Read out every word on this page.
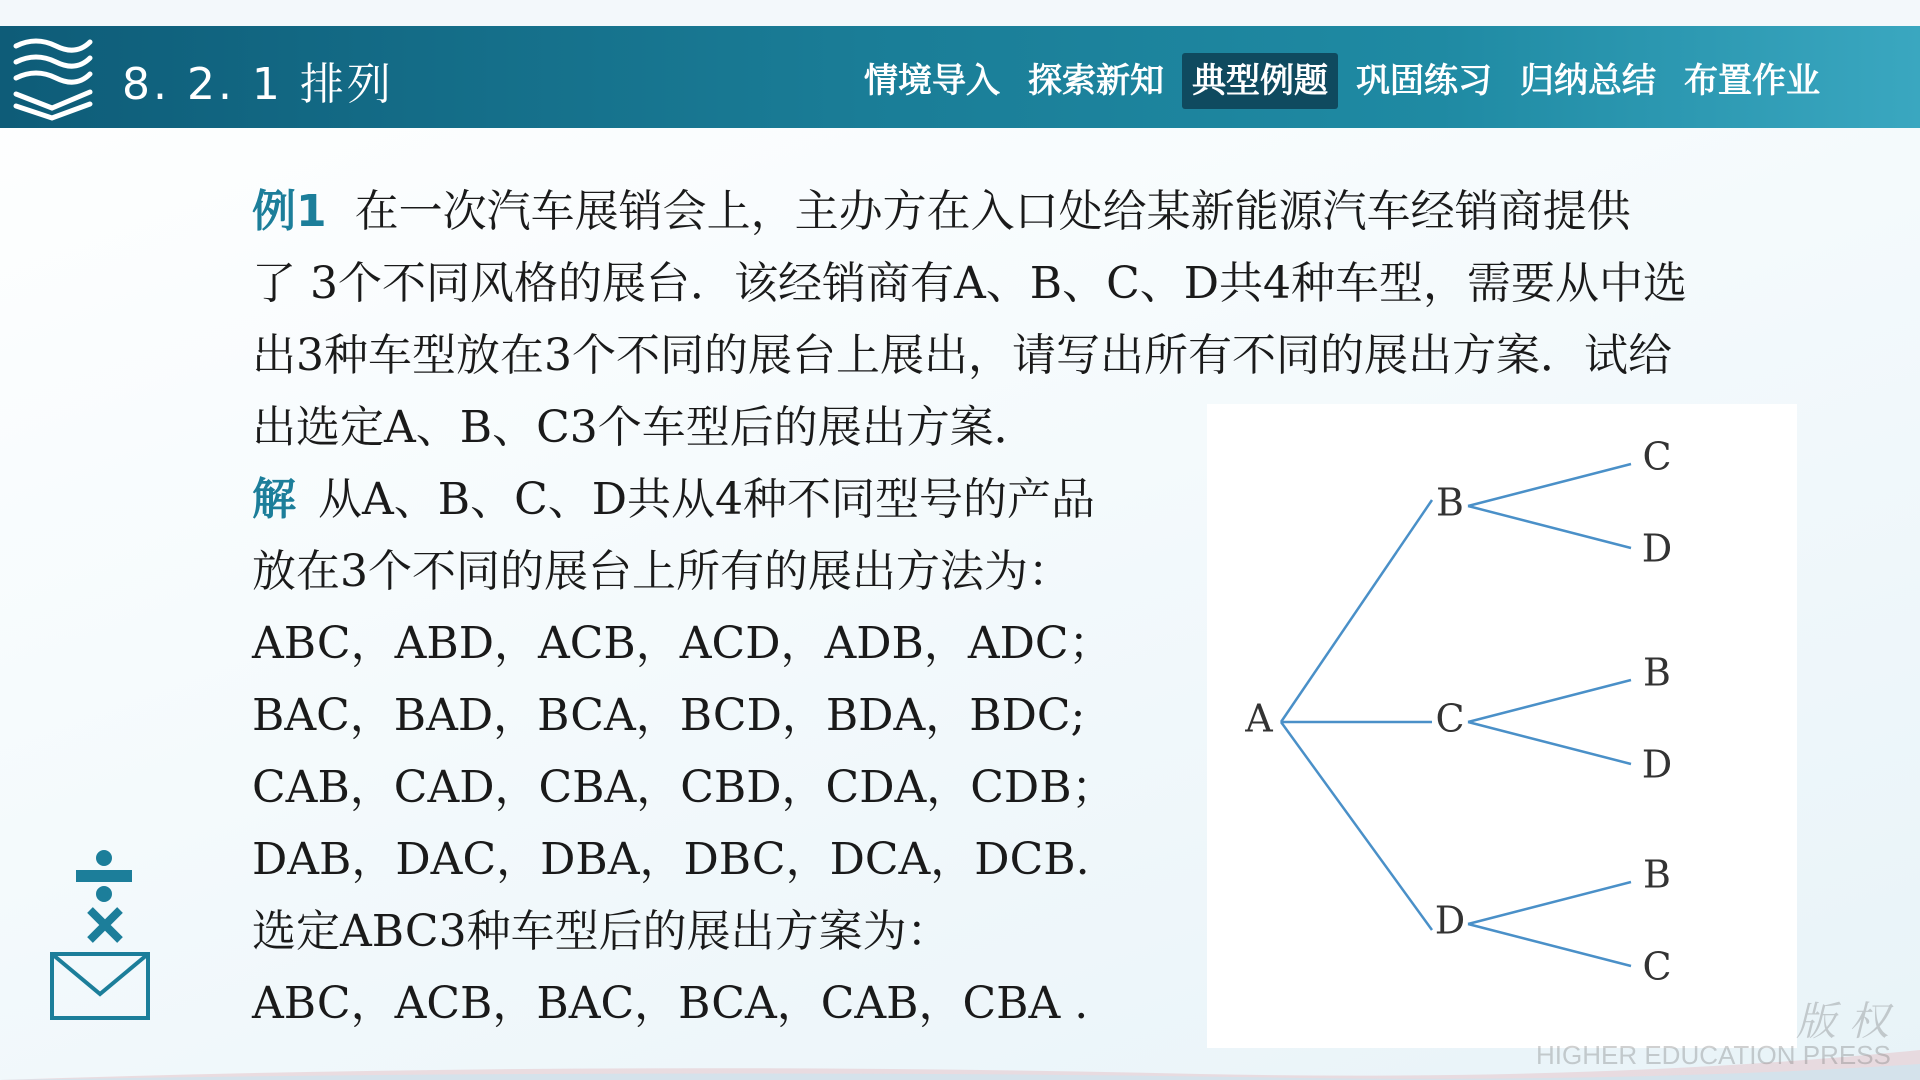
8. 2. 1 排列	情境导入 探索新知 典型例题 巩固练习 归纳总结 布置作业
例1 在一次汽车展销会上，主办方在入口处给某新能源汽车经销商提供
了 3个不同风格的展台．该经销商有A、B、C、D共4种车型，需要从中选
出3种车型放在3个不同的展台上展出，请写出所有不同的展出方案．试给
出选定A、B、C3个车型后的展出方案．
解 从A、B、C、D共从4种不同型号的产品
放在3个不同的展台上所有的展出方法为：
ABC，ABD，ACB，ACD，ADB，ADC；
BAC，BAD，BCA，BCD，BDA，BDC;
CAB，CAD，CBA，CBD，CDA，CDB；
DAB，DAC，DBA，DBC，DCA，DCB.
选定ABC3种车型后的展出方案为：
ABC，ACB，BAC，BCA，CAB，CBA .
A
B
C
D
C
B
D
D
B
C
版 权
HIGHER EDUCATION PRESS
